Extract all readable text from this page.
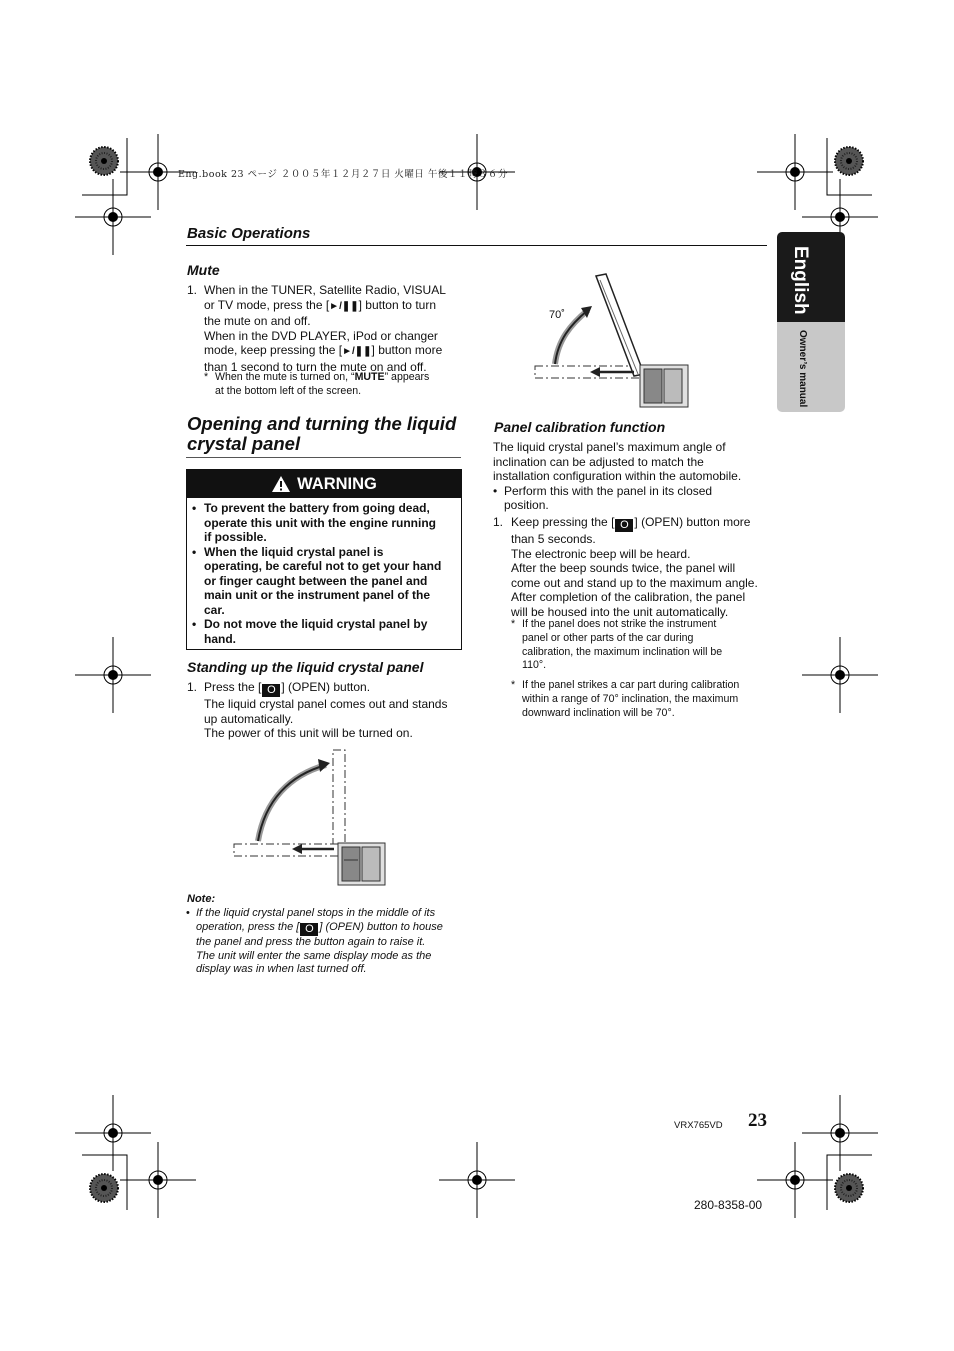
Eng.book 23 ページ ２００５年１２月２７日 火曜日 午後１１時３６分
Basic Operations
English
Owner’s manual
Mute
1. When in the TUNER, Satellite Radio, VISUAL
or TV mode, press the [►/❚❚] button to turn
the mute on and off.
When in the DVD PLAYER, iPod or changer
mode, keep pressing the [►/❚❚] button more
than 1 second to turn the mute on and off.
* When the mute is turned on, “MUTE” appears
at the bottom left of the screen.
Opening and turning the liquid
crystal panel
WARNING
• To prevent the battery from going dead,
operate this unit with the engine running
if possible.
• When the liquid crystal panel is
operating, be careful not to get your hand
or finger caught between the panel and
main unit or the instrument panel of the
car.
• Do not move the liquid crystal panel by
hand.
Standing up the liquid crystal panel
1. Press the [ O ] (OPEN) button.
The liquid crystal panel comes out and stands
up automatically.
The power of this unit will be turned on.
Note:
• If the liquid crystal panel stops in the middle of its
operation, press the [ O ] (OPEN) button to house
the panel and press the button again to raise it.
The unit will enter the same display mode as the
display was in when last turned off.
70˚
Panel calibration function
The liquid crystal panel’s maximum angle of
inclination can be adjusted to match the
installation configuration within the automobile.
• Perform this with the panel in its closed
position.
1. Keep pressing the [ O ] (OPEN) button more
than 5 seconds.
The electronic beep will be heard.
After the beep sounds twice, the panel will
come out and stand up to the maximum angle.
After completion of the calibration, the panel
will be housed into the unit automatically.
* If the panel does not strike the instrument
panel or other parts of the car during
calibration, the maximum inclination will be
110°.
* If the panel strikes a car part during calibration
within a range of 70° inclination, the maximum
downward inclination will be 70°.
VRX765VD 23
280-8358-00
